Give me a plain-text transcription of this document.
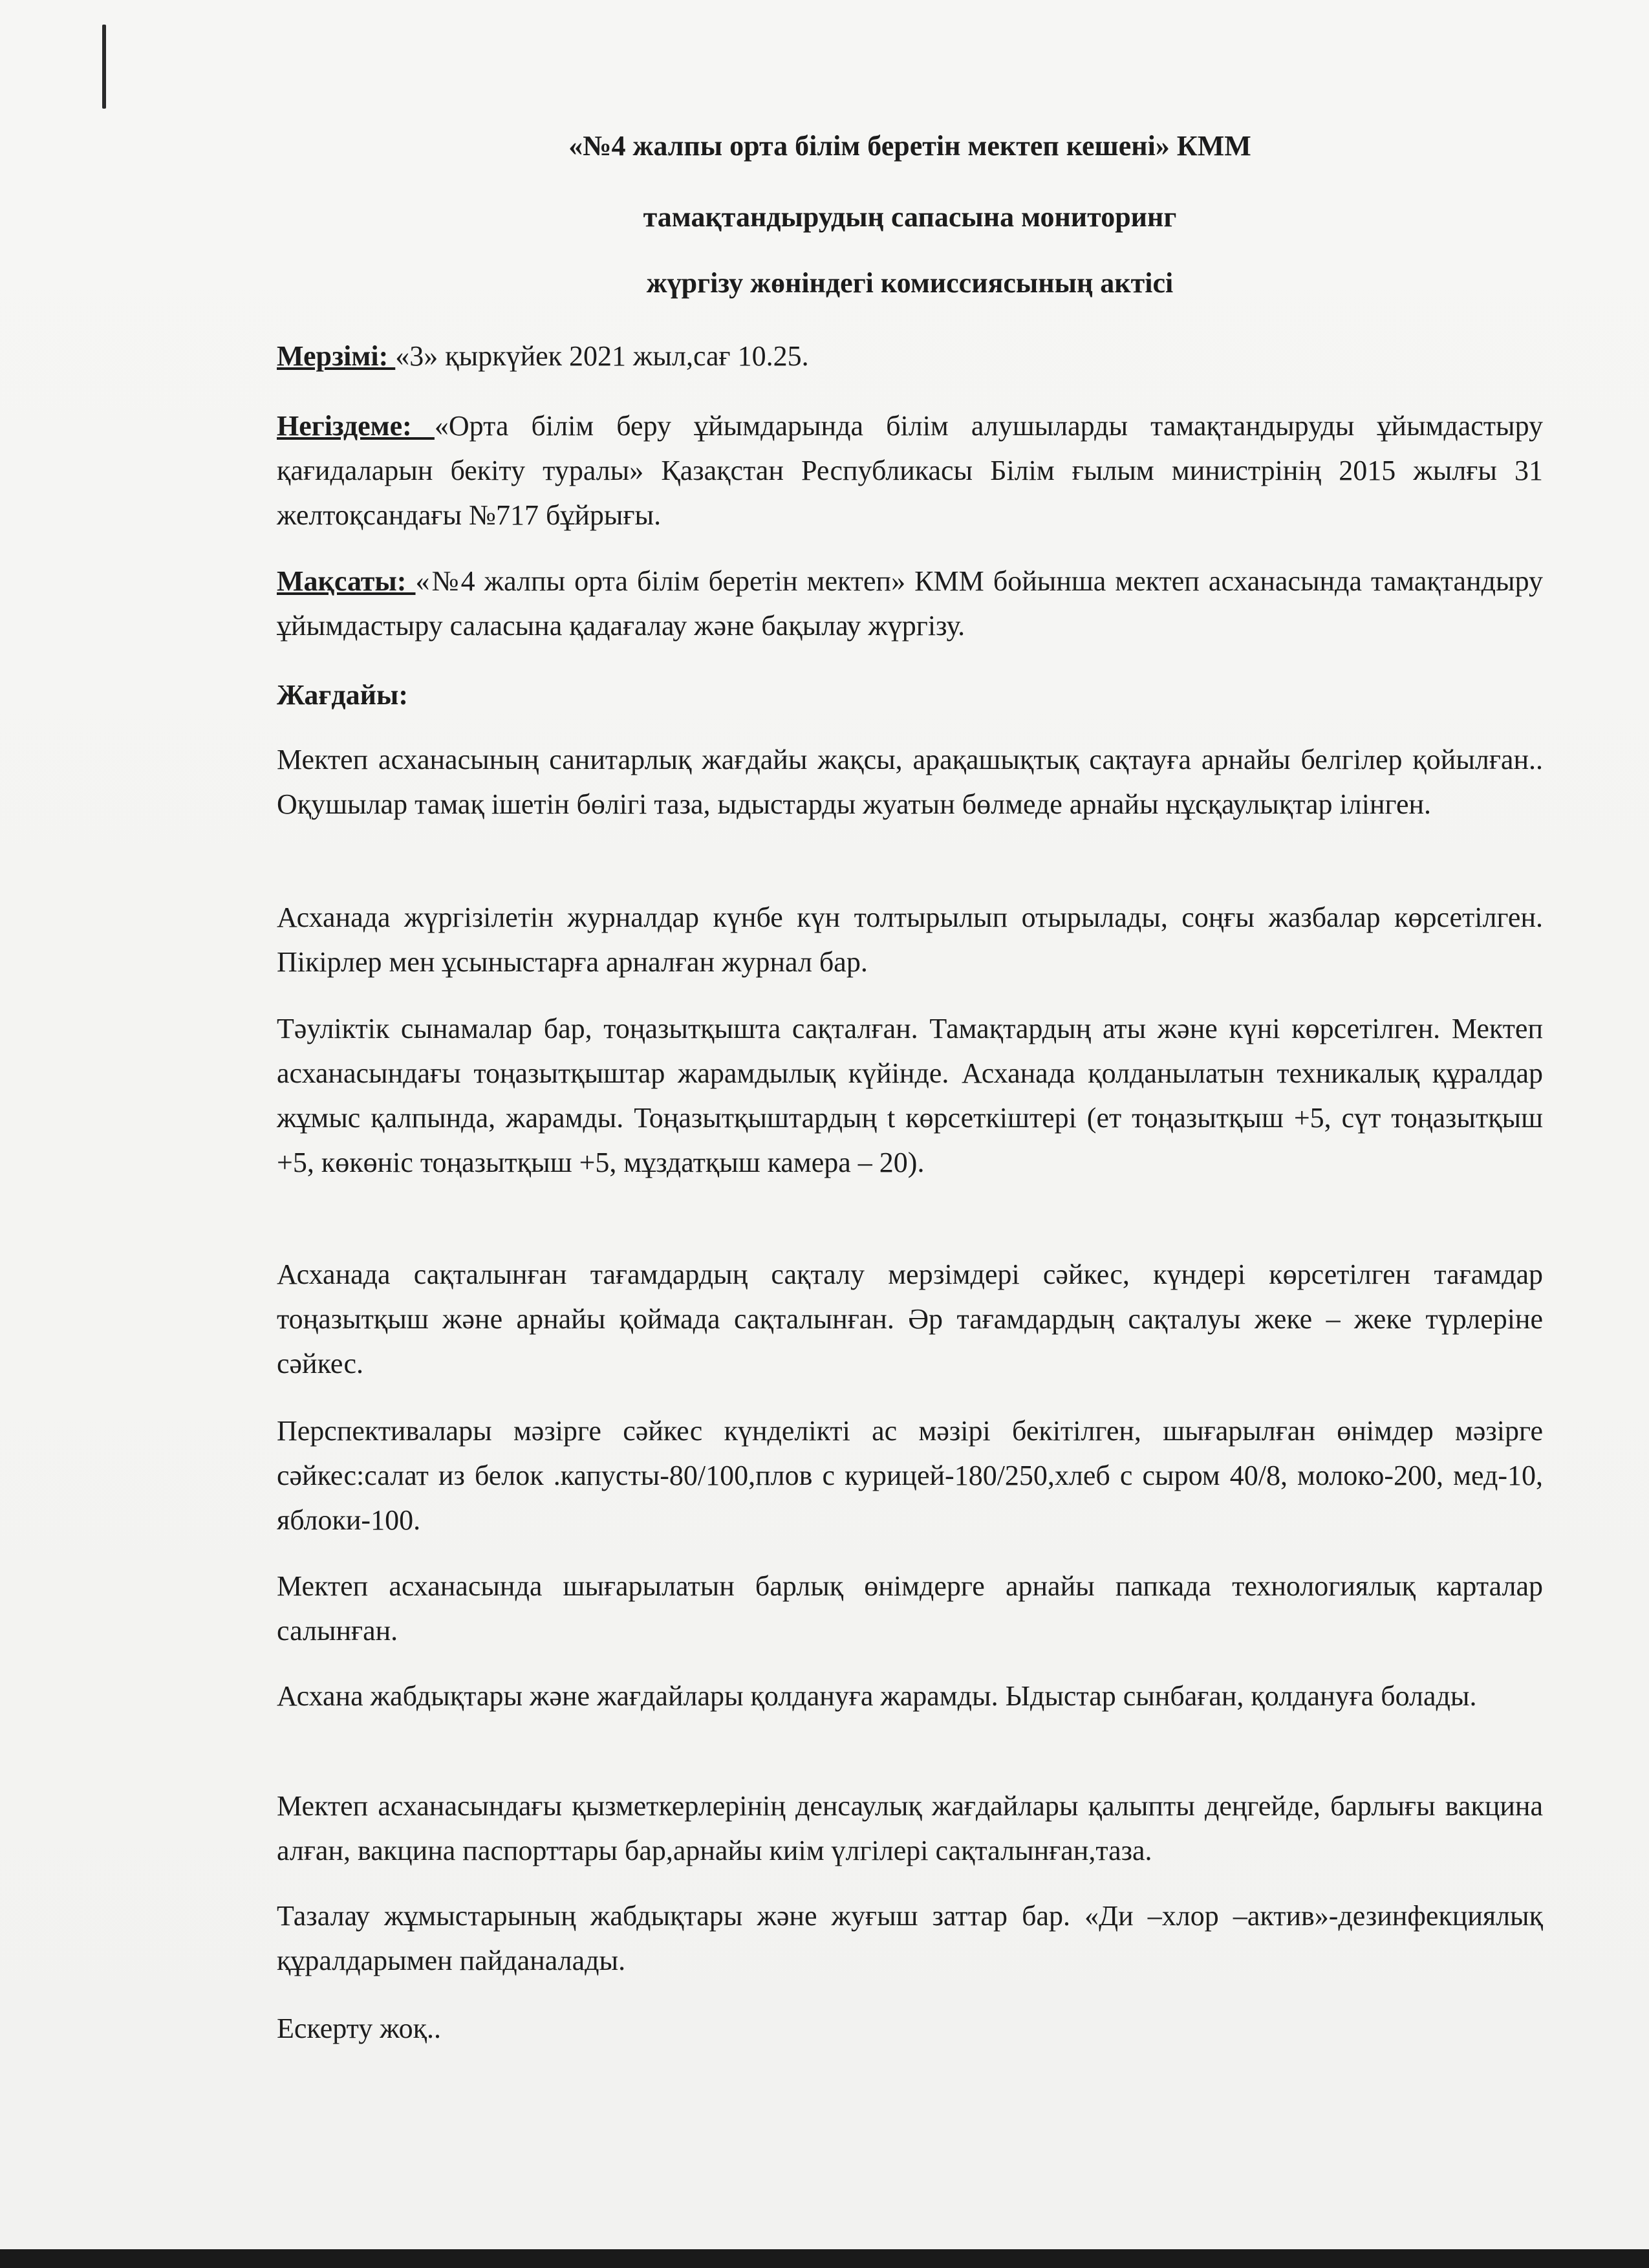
«№4 жалпы орта білім беретін мектеп кешені» КММ
тамақтандырудың сапасына мониторинг
жүргізу жөніндегі комиссиясының актісі
Мерзімі: «3» қыркүйек 2021 жыл,сағ 10.25.
Негіздеме: «Орта білім беру ұйымдарында білім алушыларды тамақтандыруды ұйымдастыру қағидаларын бекіту туралы» Қазақстан Республикасы Білім ғылым министрінің 2015 жылғы 31 желтоқсандағы №717 бұйрығы.
Мақсаты: «№4 жалпы орта білім беретін мектеп» КММ бойынша мектеп асханасында тамақтандыру ұйымдастыру саласына қадағалау және бақылау жүргізу.
Жағдайы:
Мектеп асханасының санитарлық жағдайы жақсы, арақашықтық сақтауға арнайы белгілер қойылған.. Оқушылар тамақ ішетін бөлігі таза, ыдыстарды жуатын бөлмеде арнайы нұсқаулықтар ілінген.
Асханада жүргізілетін журналдар күнбе күн толтырылып отырылады, соңғы жазбалар көрсетілген. Пікірлер мен ұсыныстарға арналған журнал бар.
Тәуліктік сынамалар бар, тоңазытқышта сақталған. Тамақтардың аты және күні көрсетілген. Мектеп асханасындағы тоңазытқыштар жарамдылық күйінде. Асханада қолданылатын техникалық құралдар жұмыс қалпында, жарамды. Тоңазытқыштардың t көрсеткіштері (ет тоңазытқыш +5, сүт тоңазытқыш +5, көкөніс тоңазытқыш +5, мұздатқыш камера – 20).
Асханада сақталынған тағамдардың сақталу мерзімдері сәйкес, күндері көрсетілген тағамдар тоңазытқыш және арнайы қоймада сақталынған. Әр тағамдардың сақталуы жеке – жеке түрлеріне сәйкес.
Перспективалары мәзірге сәйкес күнделікті ас мәзірі бекітілген, шығарылған өнімдер мәзірге сәйкес:салат из белок .капусты-80/100,плов с курицей-180/250,хлеб с сыром 40/8, молоко-200, мед-10, яблоки-100.
Мектеп асханасында шығарылатын барлық өнімдерге арнайы папкада технологиялық карталар салынған.
Асхана жабдықтары және жағдайлары қолдануға жарамды. Ыдыстар сынбаған, қолдануға болады.
Мектеп асханасындағы қызметкерлерінің денсаулық жағдайлары қалыпты деңгейде, барлығы вакцина алған, вакцина паспорттары бар,арнайы киім үлгілері сақталынған,таза.
Тазалау жұмыстарының жабдықтары және жуғыш заттар бар. «Ди –хлор –актив»-дезинфекциялық құралдарымен пайданалады.
Ескерту жоқ..
